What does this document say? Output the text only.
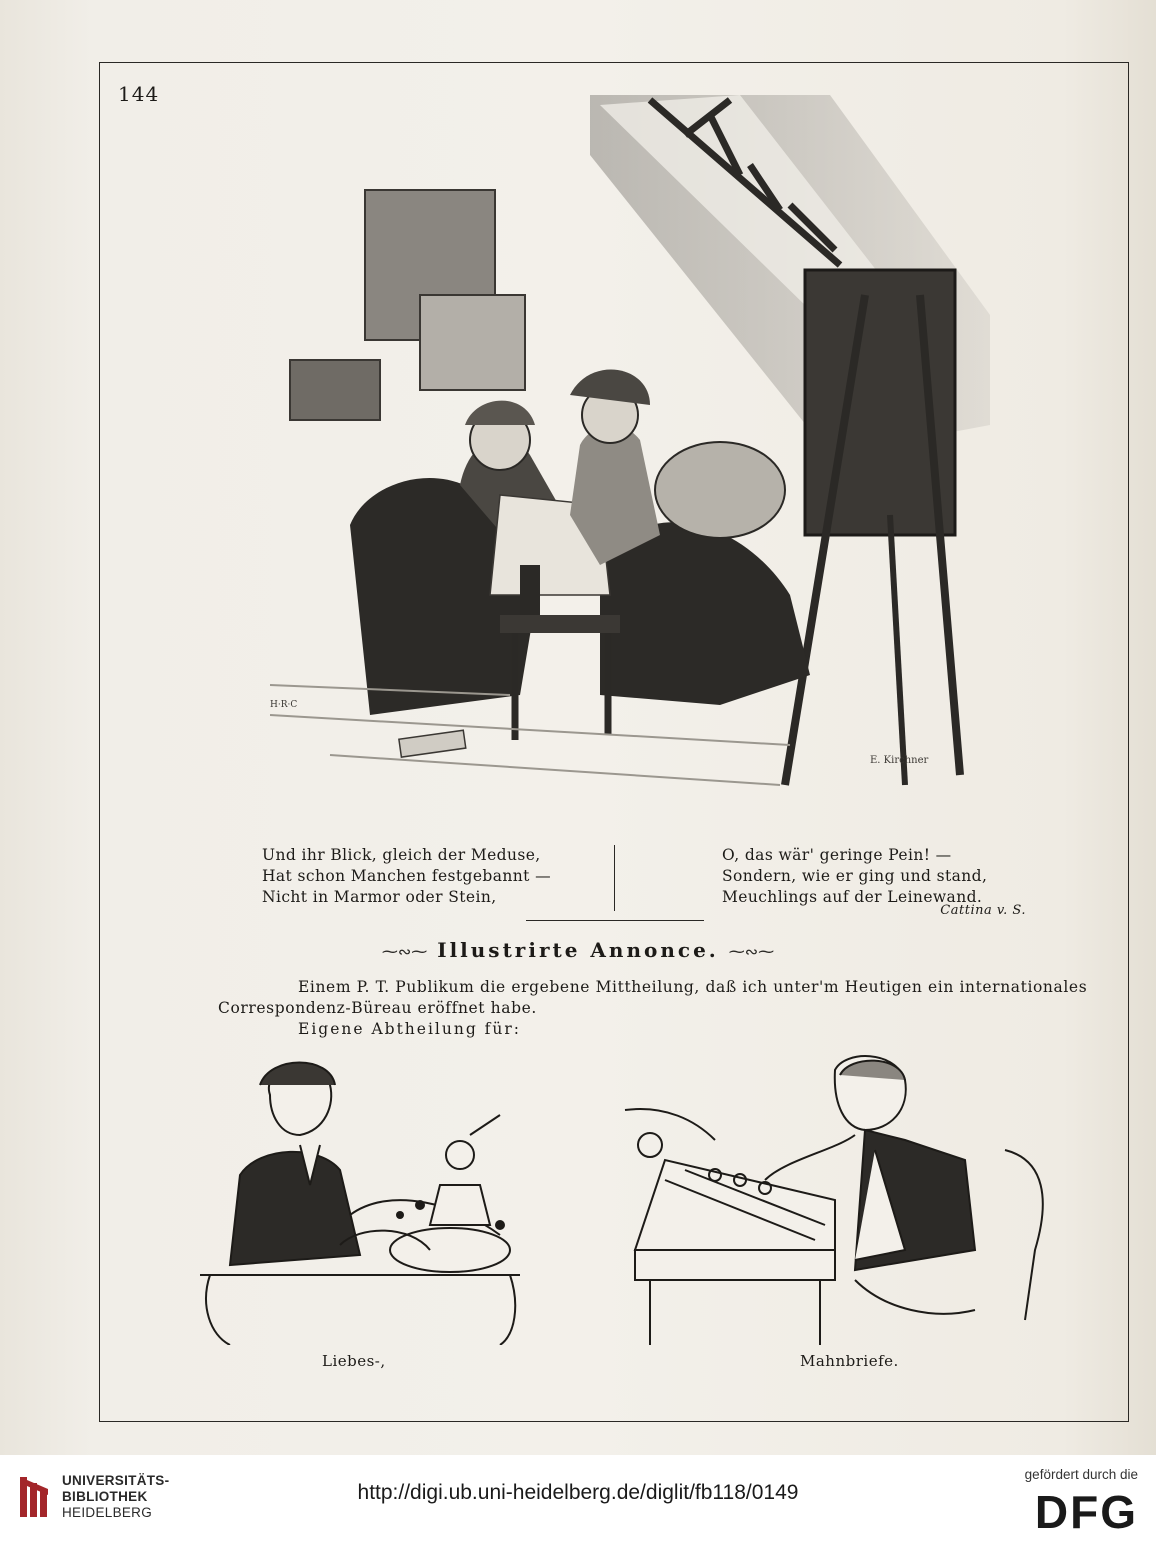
144
H·R·C
E. Kirchner
Und ihr Blick, gleich der Meduse,
Hat schon Manchen festgebannt —
Nicht in Marmor oder Stein,
O, das wär' geringe Pein! —
Sondern, wie er ging und stand,
Meuchlings auf der Leinewand.
Cattina v. S.
⁓∾⁓ Illustrirte Annonce. ⁓∾⁓
Einem P. T. Publikum die ergebene Mittheilung, daß ich unter'm Heutigen ein internationales
Correspondenz-Büreau eröffnet habe.
Eigene Abtheilung für:
Liebes-,	Mahnbriefe.
UNIVERSITÄTS-
BIBLIOTHEK
HEIDELBERG
http://digi.ub.uni-heidelberg.de/diglit/fb118/0149
gefördert durch die
DFG
